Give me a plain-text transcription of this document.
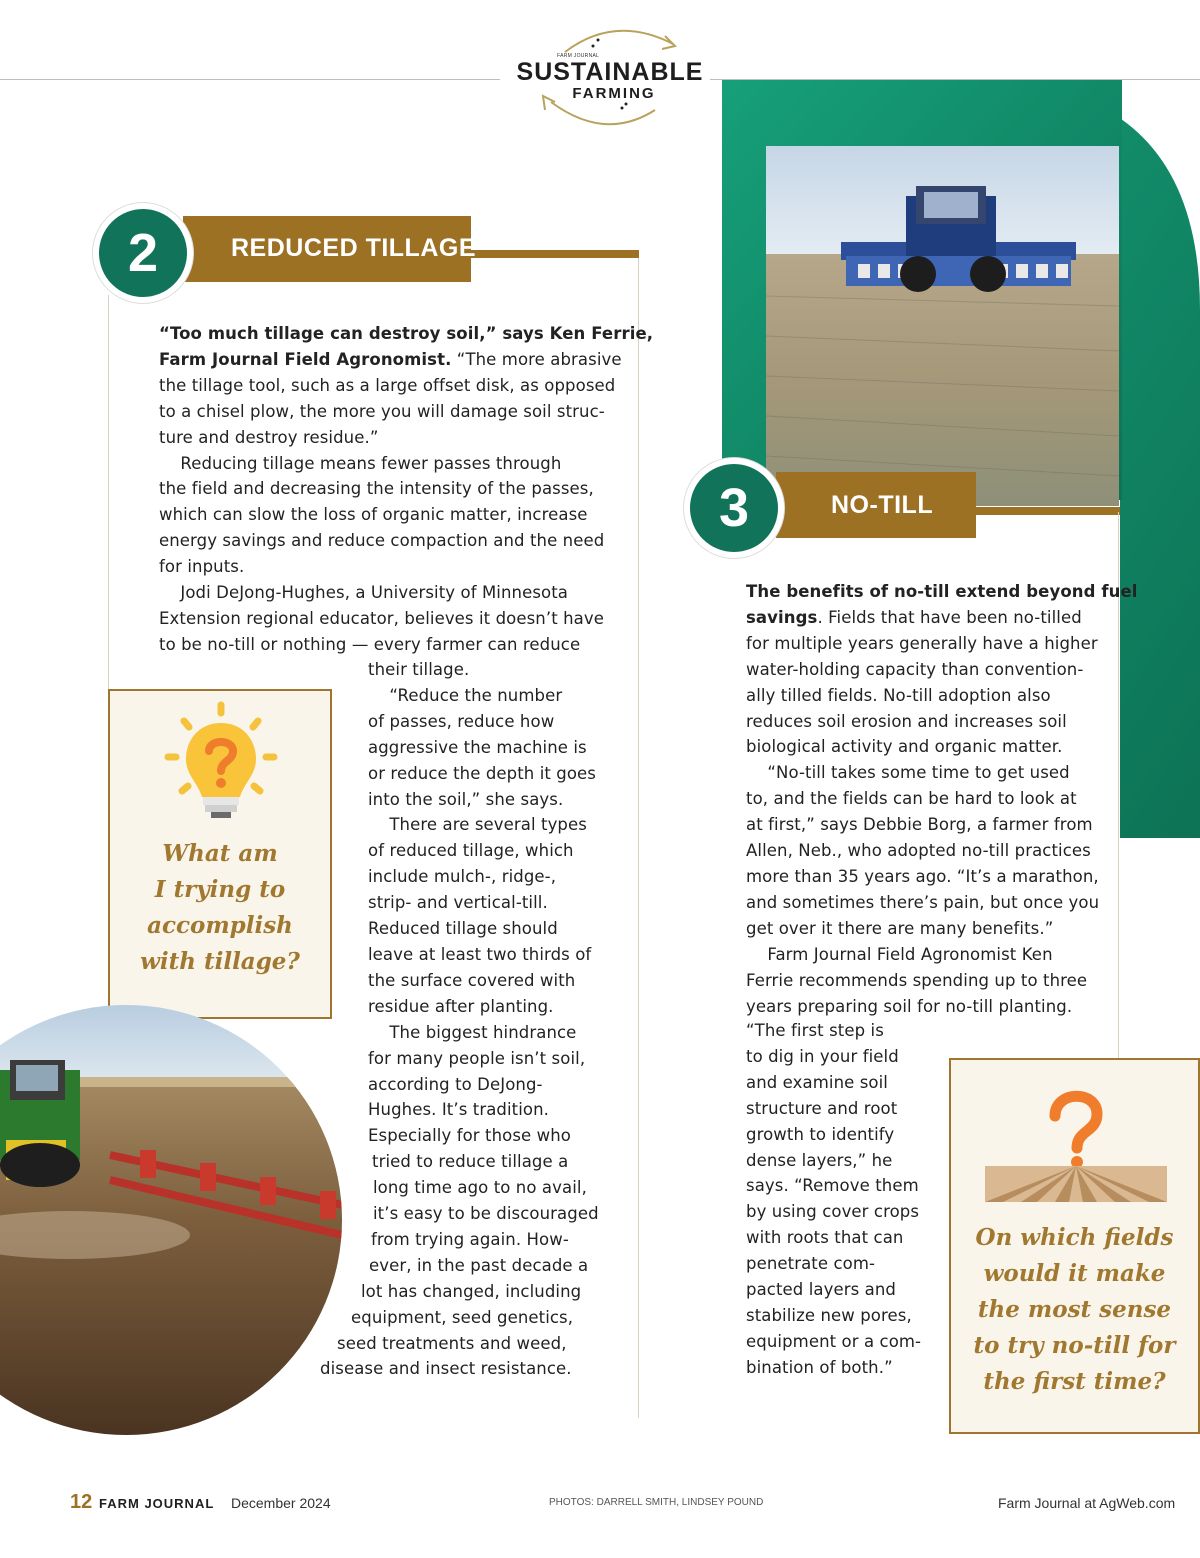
FARM JOURNAL
SUSTAINABLE
FARMING
REDUCED TILLAGE
2
“Too much tillage can destroy soil,” says Ken Ferrie,
Farm Journal Field Agronomist. “The more abrasive
the tillage tool, such as a large offset disk, as opposed
to a chisel plow, the more you will damage soil struc-
ture and destroy residue.”
Reducing tillage means fewer passes through
the field and decreasing the intensity of the passes,
which can slow the loss of organic matter, increase
energy savings and reduce compaction and the need
for inputs.
Jodi DeJong-Hughes, a University of Minnesota
Extension regional educator, believes it doesn’t have
to be no-till or nothing — every farmer can reduce
their tillage.
“Reduce the number
of passes, reduce how
aggressive the machine is
or reduce the depth it goes
into the soil,” she says.
There are several types
of reduced tillage, which
include mulch-, ridge-,
strip- and vertical-till.
Reduced tillage should
leave at least two thirds of
the surface covered with
residue after planting.
The biggest hindrance
for many people isn’t soil,
according to DeJong-
Hughes. It’s tradition.
Especially for those who
tried to reduce tillage a
long time ago to no avail,
it’s easy to be discouraged
from trying again. How-
ever, in the past decade a
lot has changed, including
equipment, seed genetics,
seed treatments and weed,
disease and insect resistance.
What am
I trying to
accomplish
with tillage?
NO-TILL
3
The benefits of no-till extend beyond fuel
savings. Fields that have been no-tilled
for multiple years generally have a higher
water-holding capacity than convention-
ally tilled fields. No-till adoption also
reduces soil erosion and increases soil
biological activity and organic matter.
“No-till takes some time to get used
to, and the fields can be hard to look at
at first,” says Debbie Borg, a farmer from
Allen, Neb., who adopted no-till practices
more than 35 years ago. “It’s a marathon,
and sometimes there’s pain, but once you
get over it there are many benefits.”
Farm Journal Field Agronomist Ken
Ferrie recommends spending up to three
years preparing soil for no-till planting.
“The first step is
to dig in your field
and examine soil
structure and root
growth to identify
dense layers,” he
says. “Remove them
by using cover crops
with roots that can
penetrate com-
pacted layers and
stabilize new pores,
equipment or a com-
bination of both.”
On which fields
would it make
the most sense
to try no-till for
the first time?
12 FARM JOURNAL December 2024	PHOTOS: DARRELL SMITH, LINDSEY POUND	Farm Journal at AgWeb.com
